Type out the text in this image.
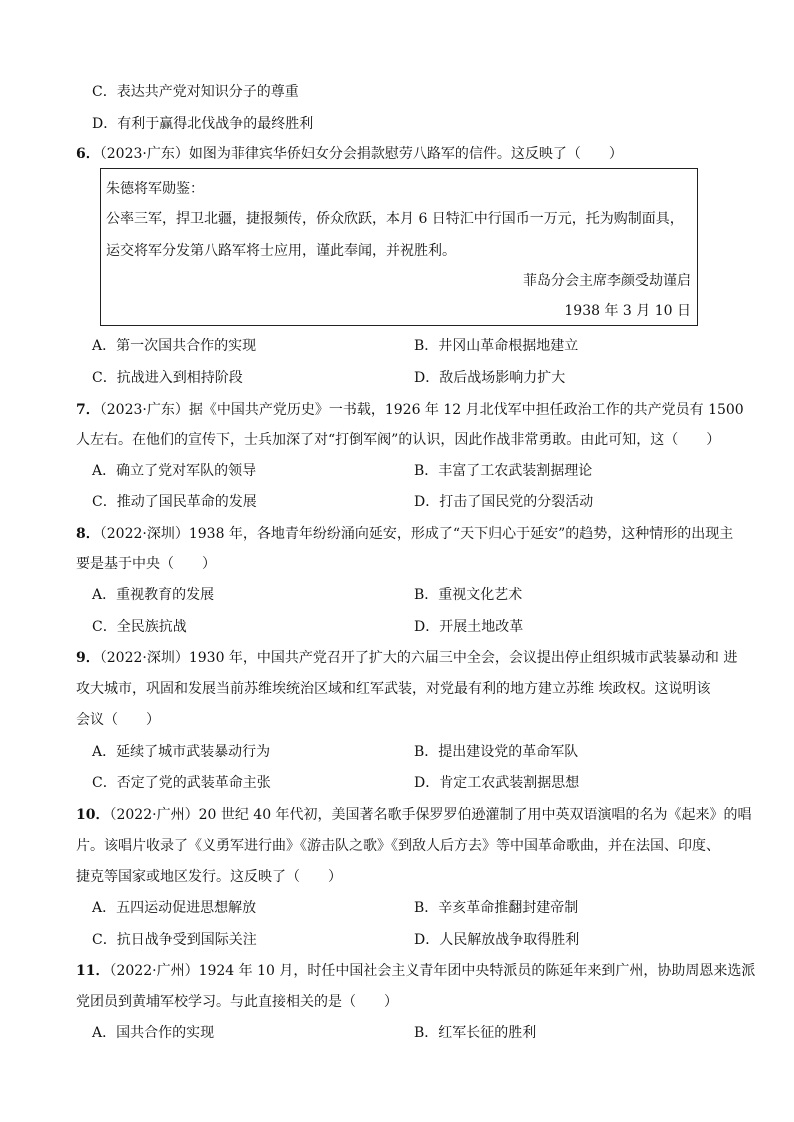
C．表达共产党对知识分子的尊重
D．有利于赢得北伐战争的最终胜利
6．（2023·广东）如图为菲律宾华侨妇女分会捐款慰劳八路军的信件。这反映了（　　）
朱德将军勋鉴：
公率三军，捍卫北疆，捷报频传，侨众欣跃，本月 6 日特汇中行国币一万元，托为购制面具，
运交将军分发第八路军将士应用，谨此奉闻，并祝胜利。
菲岛分会主席李颜受劫谨启
1938 年 3 月 10 日
A．第一次国共合作的实现	B．井冈山革命根据地建立
C．抗战进入到相持阶段	D．敌后战场影响力扩大
7．（2023·广东）据《中国共产党历史》一书载，1926 年 12 月北伐军中担任政治工作的共产党员有 1500
人左右。在他们的宣传下，士兵加深了对“打倒军阀”的认识，因此作战非常勇敢。由此可知，这（　　）
A．确立了党对军队的领导	B．丰富了工农武装割据理论
C．推动了国民革命的发展	D．打击了国民党的分裂活动
8．（2022·深圳）1938 年，各地青年纷纷涌向延安，形成了“天下归心于延安”的趋势，这种情形的出现主
要是基于中央（　　）
A．重视教育的发展	B．重视文化艺术
C．全民族抗战	D．开展土地改革
9．（2022·深圳）1930 年，中国共产党召开了扩大的六届三中全会，会议提出停止组织城市武装暴动和 进
攻大城市，巩固和发展当前苏维埃统治区域和红军武装，对党最有利的地方建立苏维 埃政权。这说明该
会议（　　）
A．延续了城市武装暴动行为	B．提出建设党的革命军队
C．否定了党的武装革命主张	D．肯定工农武装割据思想
10．（2022·广州）20 世纪 40 年代初，美国著名歌手保罗罗伯逊灌制了用中英双语演唱的名为《起来》的唱
片。该唱片收录了《义勇军进行曲》《游击队之歌》《到敌人后方去》等中国革命歌曲，并在法国、印度、
捷克等国家或地区发行。这反映了（　　）
A．五四运动促进思想解放	B．辛亥革命推翻封建帝制
C．抗日战争受到国际关注	D．人民解放战争取得胜利
11．（2022·广州）1924 年 10 月，时任中国社会主义青年团中央特派员的陈延年来到广州，协助周恩来选派
党团员到黄埔军校学习。与此直接相关的是（　　）
A．国共合作的实现	B．红军长征的胜利
